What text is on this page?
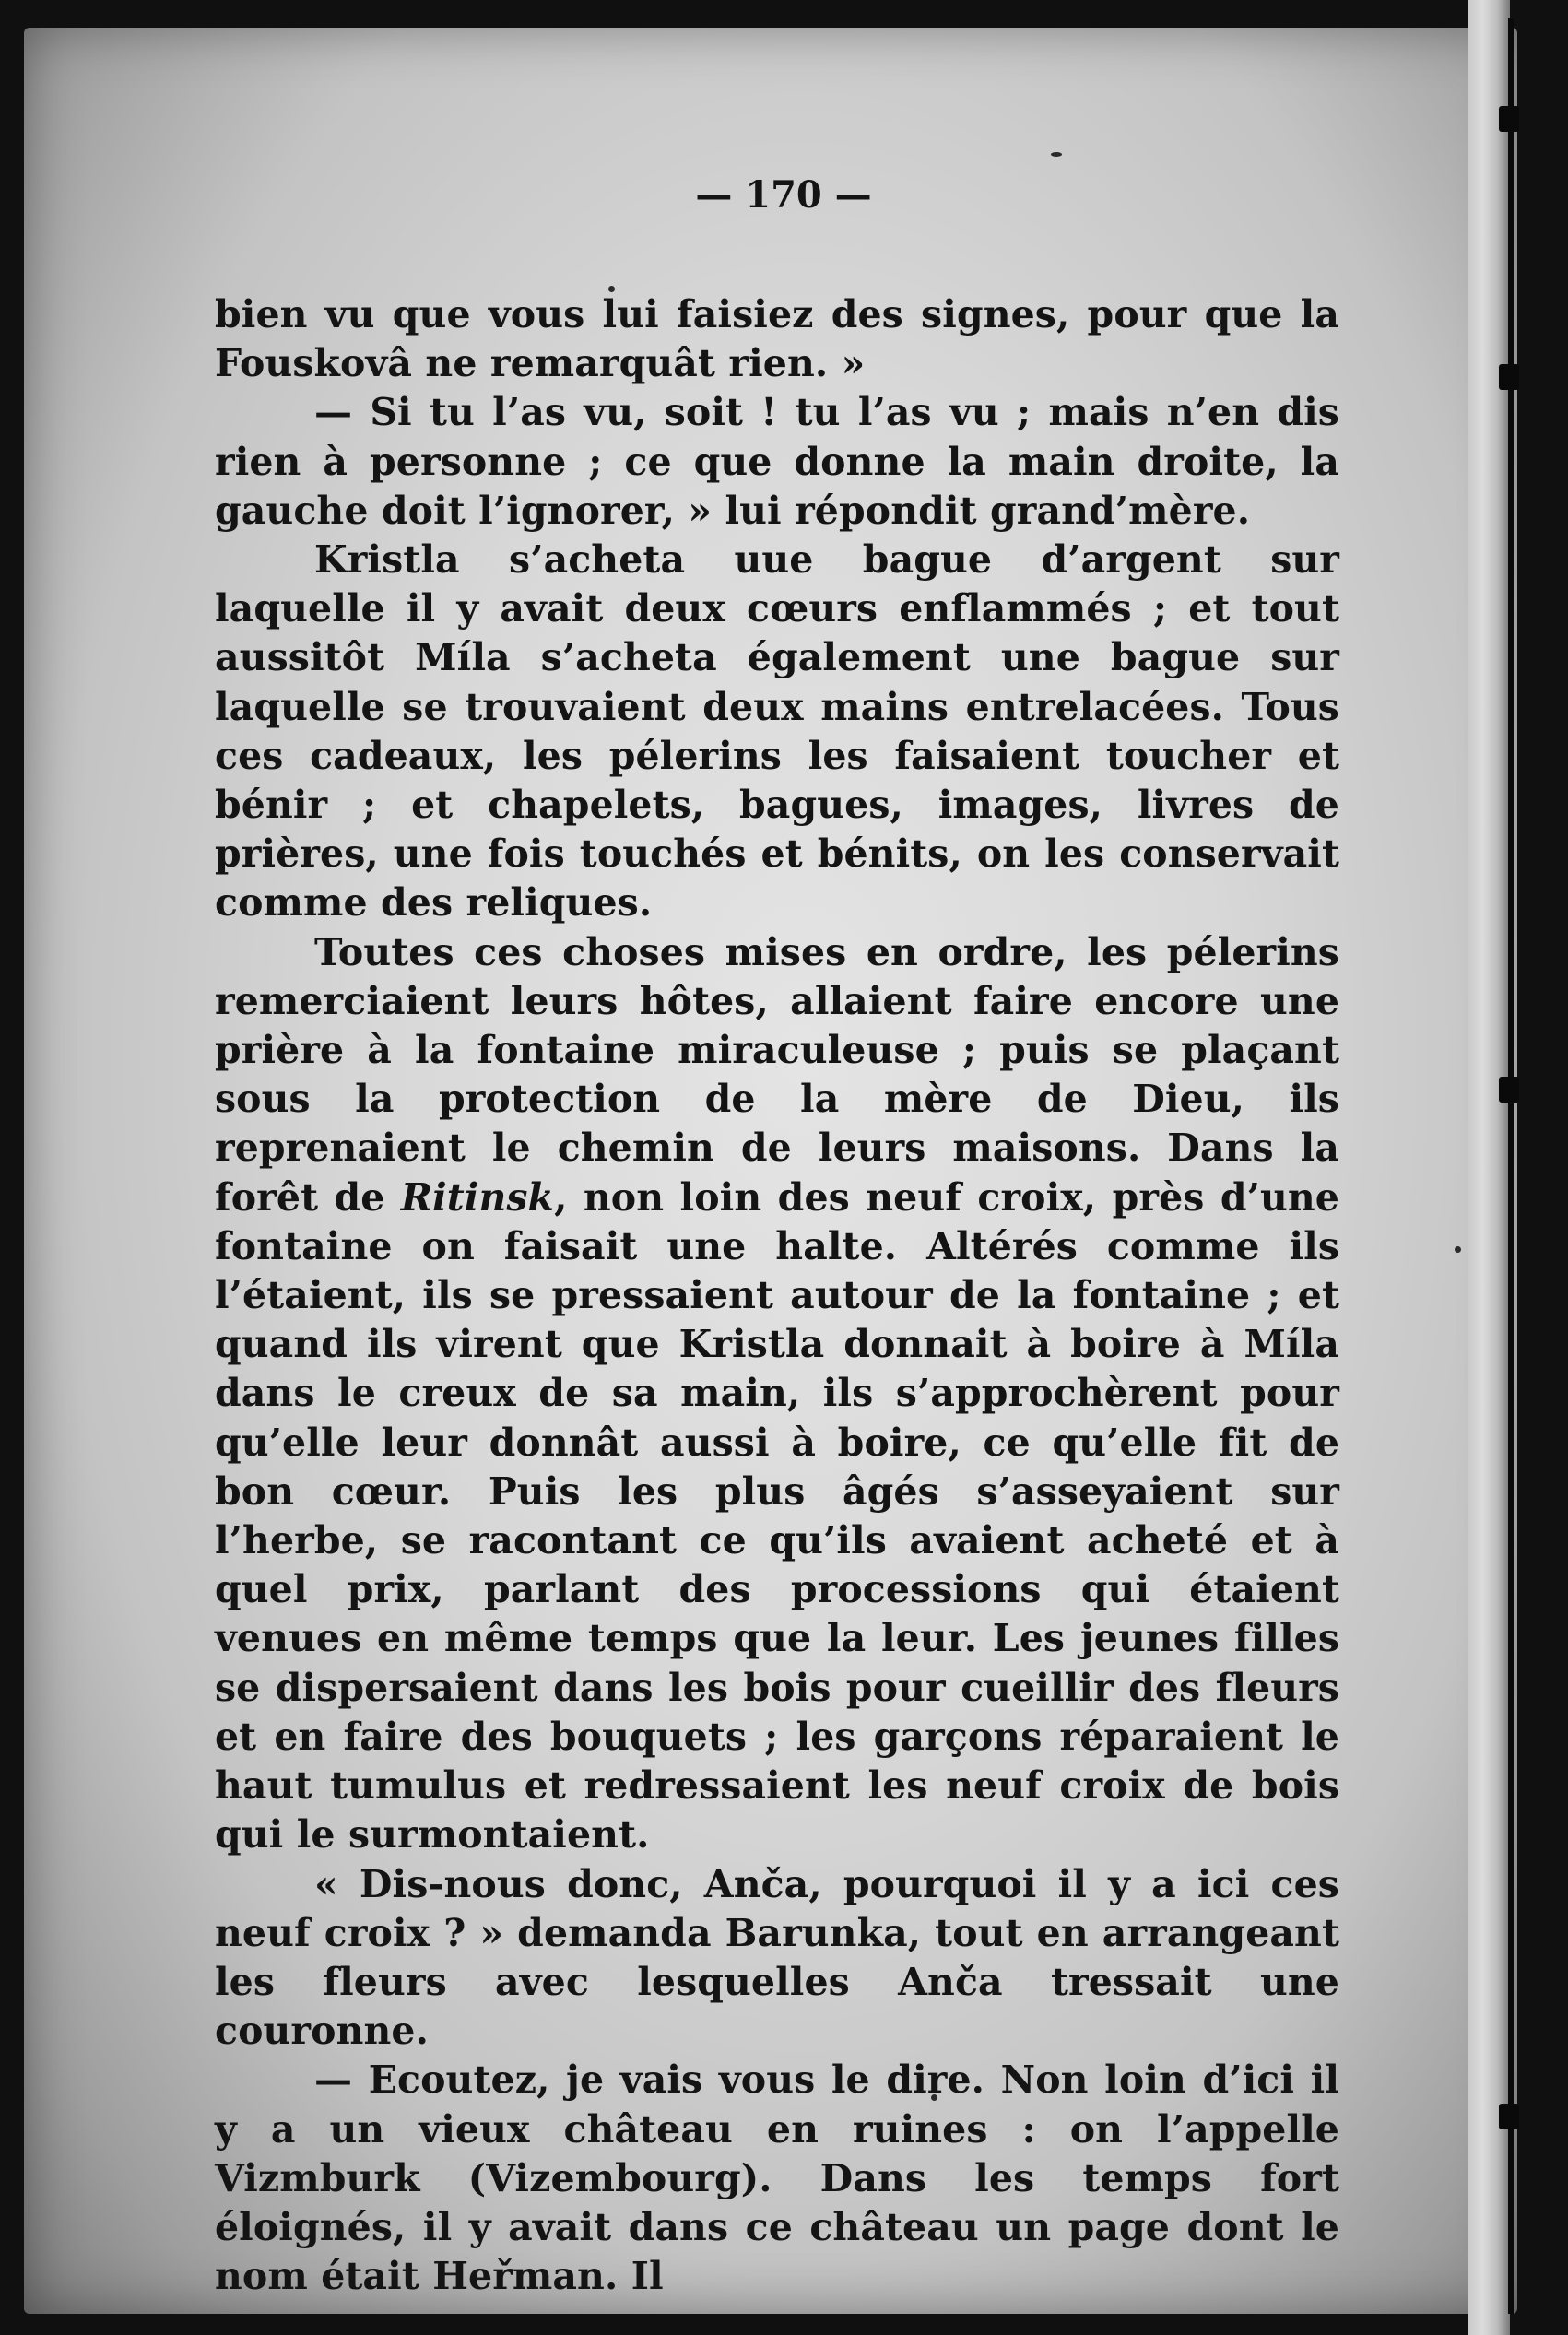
— 170 —

bien vu que vous lui faisiez des signes, pour que la Fouskovâ ne remarquât rien. »

— Si tu l’as vu, soit ! tu l’as vu ; mais n’en dis rien à personne ; ce que donne la main droite, la gauche doit l’ignorer, » lui répondit grand’mère.

Kristla s’acheta uue bague d’argent sur laquelle il y avait deux cœurs enflammés ; et tout aussitôt Míla s’acheta également une bague sur laquelle se trouvaient deux mains entrelacées. Tous ces cadeaux, les pélerins les faisaient toucher et bénir ; et chapelets, bagues, images, livres de prières, une fois touchés et bénits, on les conservait comme des reliques.

Toutes ces choses mises en ordre, les pélerins remerciaient leurs hôtes, allaient faire encore une prière à la fontaine miraculeuse ; puis se plaçant sous la protection de la mère de Dieu, ils reprenaient le chemin de leurs maisons. Dans la forêt de Ritinsk, non loin des neuf croix, près d’une fontaine on faisait une halte. Altérés comme ils l’étaient, ils se pressaient autour de la fontaine ; et quand ils virent que Kristla donnait à boire à Míla dans le creux de sa main, ils s’approchèrent pour qu’elle leur donnât aussi à boire, ce qu’elle fit de bon cœur. Puis les plus âgés s’asseyaient sur l’herbe, se racontant ce qu’ils avaient acheté et à quel prix, parlant des processions qui étaient venues en même temps que la leur. Les jeunes filles se dispersaient dans les bois pour cueillir des fleurs et en faire des bouquets ; les garçons réparaient le haut tumulus et redressaient les neuf croix de bois qui le surmontaient.

« Dis-nous donc, Anča, pourquoi il y a ici ces neuf croix ? » demanda Barunka, tout en arrangeant les fleurs avec lesquelles Anča tressait une couronne.

— Ecoutez, je vais vous le dire. Non loin d’ici il y a un vieux château en ruines : on l’appelle Vizmburk (Vizembourg). Dans les temps fort éloignés, il y avait dans ce château un page dont le nom était Heřman. Il
